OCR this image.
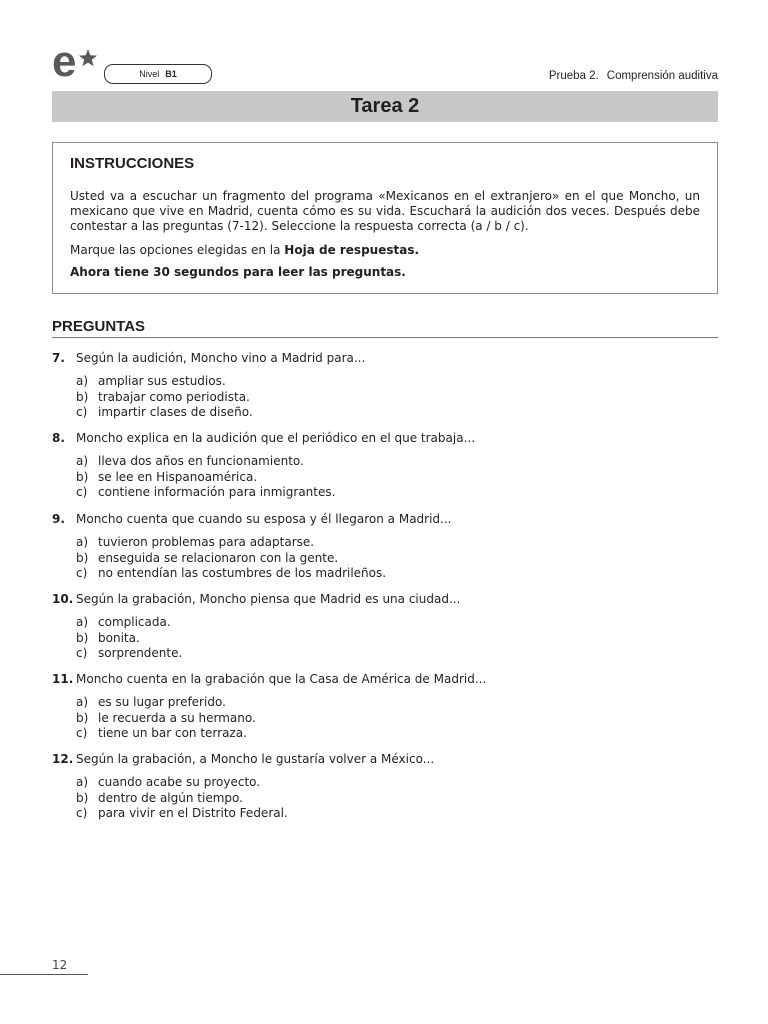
e	Nivel B1	Prueba 2. Comprensión auditiva
Tarea 2
INSTRUCCIONES

Usted va a escuchar un fragmento del programa «Mexicanos en el extranjero» en el que Moncho, un mexicano que vive en Madrid, cuenta cómo es su vida. Escuchará la audición dos veces. Después debe contestar a las preguntas (7-12). Seleccione la respuesta correcta (a / b / c).

Marque las opciones elegidas en la Hoja de respuestas.

Ahora tiene 30 segundos para leer las preguntas.

PREGUNTAS

7. Según la audición, Moncho vino a Madrid para...

a) ampliar sus estudios.
b) trabajar como periodista.
c) impartir clases de diseño.

8. Moncho explica en la audición que el periódico en el que trabaja...

a) lleva dos años en funcionamiento.
b) se lee en Hispanoamérica.
c) contiene información para inmigrantes.

9. Moncho cuenta que cuando su esposa y él llegaron a Madrid...

a) tuvieron problemas para adaptarse.
b) enseguida se relacionaron con la gente.
c) no entendían las costumbres de los madrileños.

10. Según la grabación, Moncho piensa que Madrid es una ciudad...

a) complicada.
b) bonita.
c) sorprendente.

11. Moncho cuenta en la grabación que la Casa de América de Madrid...

a) es su lugar preferido.
b) le recuerda a su hermano.
c) tiene un bar con terraza.

12. Según la grabación, a Moncho le gustaría volver a México...

a) cuando acabe su proyecto.
b) dentro de algún tiempo.
c) para vivir en el Distrito Federal.
12
